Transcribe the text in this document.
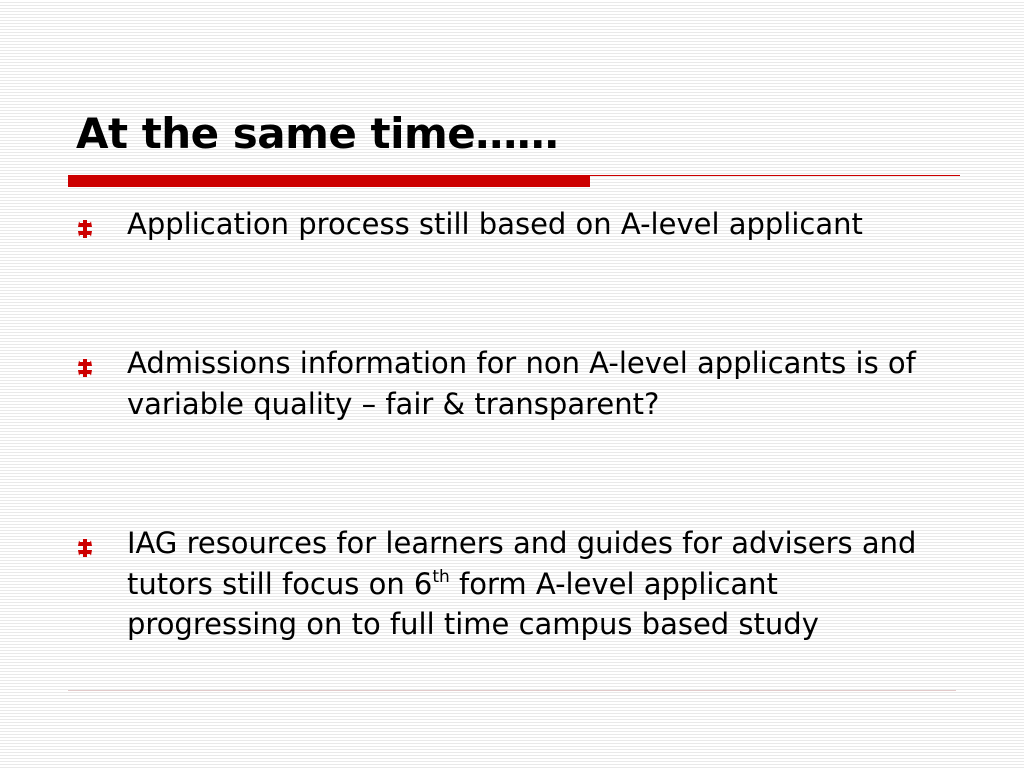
At the same time……
Application process still based on A-level applicant
Admissions information for non A-level applicants is of variable quality – fair & transparent?
IAG resources for learners and guides for advisers and tutors still focus on 6th form A-level applicant progressing on to full time campus based study
